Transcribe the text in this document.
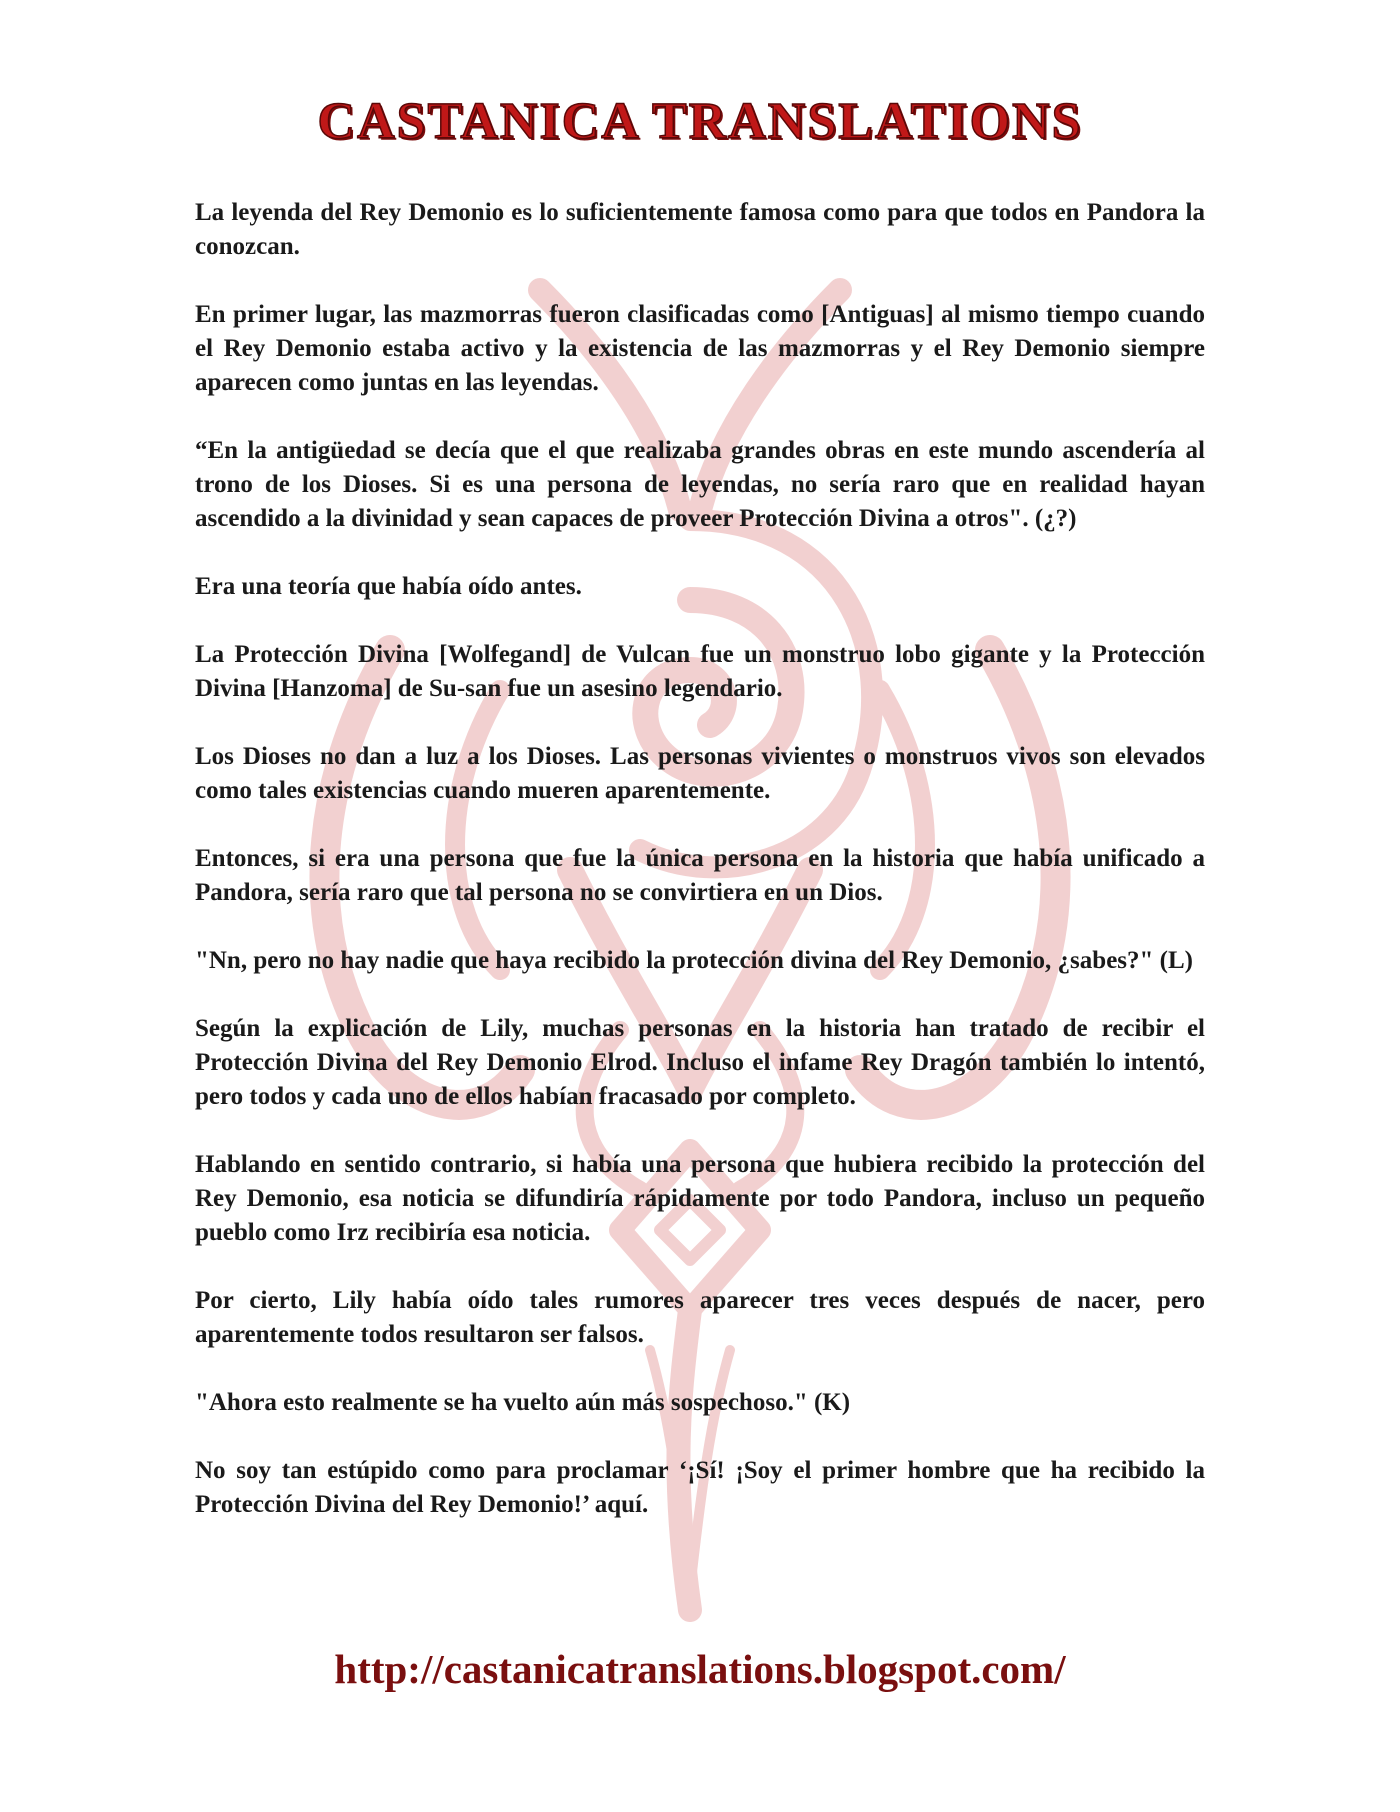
CASTANICA TRANSLATIONS

La leyenda del Rey Demonio es lo suficientemente famosa como para que todos en Pandora la conozcan.

En primer lugar, las mazmorras fueron clasificadas como [Antiguas] al mismo tiempo cuando el Rey Demonio estaba activo y la existencia de las mazmorras y el Rey Demonio siempre aparecen como juntas en las leyendas.

“En la antigüedad se decía que el que realizaba grandes obras en este mundo ascendería al trono de los Dioses. Si es una persona de leyendas, no sería raro que en realidad hayan ascendido a la divinidad y sean capaces de proveer Protección Divina a otros". (¿?)

Era una teoría que había oído antes.

La Protección Divina [Wolfegand] de Vulcan fue un monstruo lobo gigante y la Protección Divina [Hanzoma] de Su-san fue un asesino legendario.

Los Dioses no dan a luz a los Dioses. Las personas vivientes o monstruos vivos son elevados como tales existencias cuando mueren aparentemente.

Entonces, si era una persona que fue la única persona en la historia que había unificado a Pandora, sería raro que tal persona no se convirtiera en un Dios.

"Nn, pero no hay nadie que haya recibido la protección divina del Rey Demonio, ¿sabes?" (L)

Según la explicación de Lily, muchas personas en la historia han tratado de recibir el Protección Divina del Rey Demonio Elrod. Incluso el infame Rey Dragón también lo intentó, pero todos y cada uno de ellos habían fracasado por completo.

Hablando en sentido contrario, si había una persona que hubiera recibido la protección del Rey Demonio, esa noticia se difundiría rápidamente por todo Pandora, incluso un pequeño pueblo como Irz recibiría esa noticia.

Por cierto, Lily había oído tales rumores aparecer tres veces después de nacer, pero aparentemente todos resultaron ser falsos.

"Ahora esto realmente se ha vuelto aún más sospechoso." (K)

No soy tan estúpido como para proclamar ‘¡Sí! ¡Soy el primer hombre que ha recibido la Protección Divina del Rey Demonio!’ aquí.

http://castanicatranslations.blogspot.com/
